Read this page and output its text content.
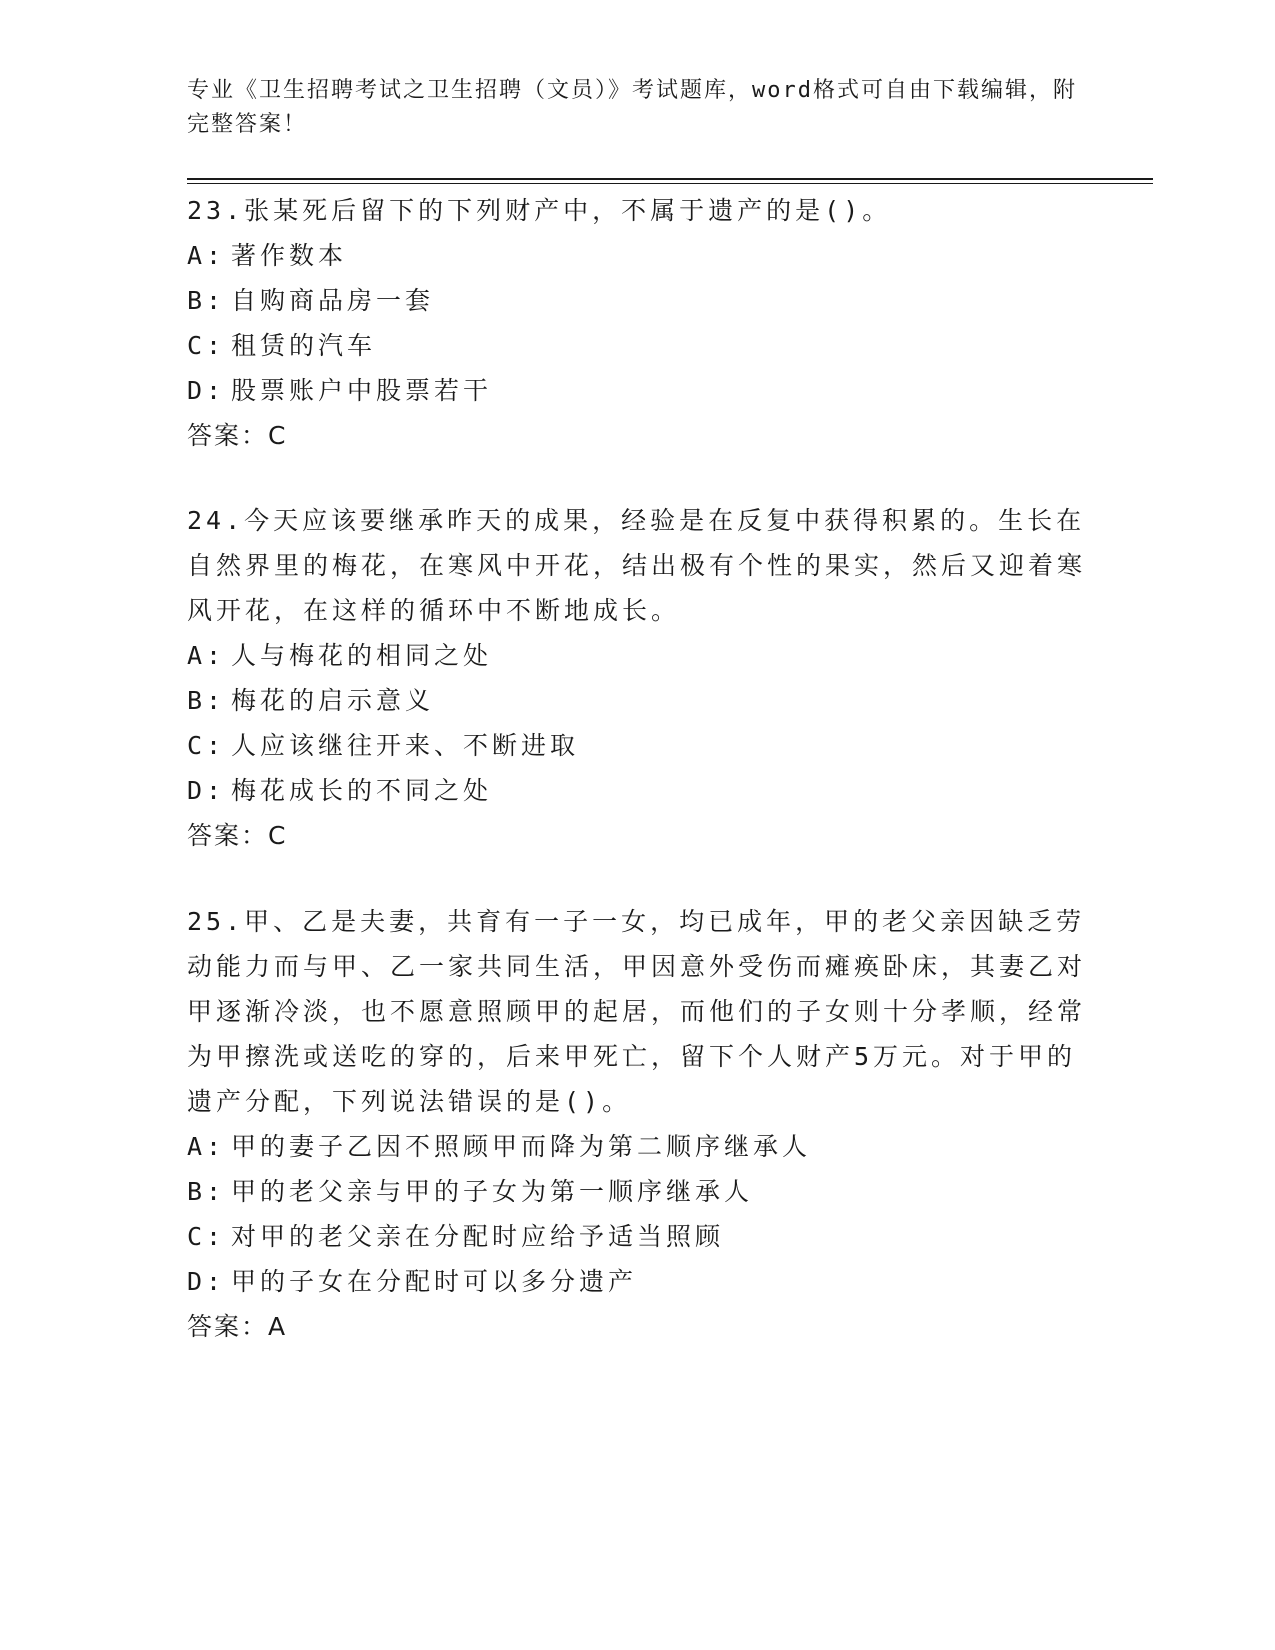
专业《卫生招聘考试之卫生招聘（文员）》考试题库，word格式可自由下载编辑，附完整答案！
23.张某死后留下的下列财产中，不属于遗产的是()。
A: 著作数本
B: 自购商品房一套
C: 租赁的汽车
D: 股票账户中股票若干
答案：C
24.今天应该要继承昨天的成果，经验是在反复中获得积累的。生长在自然界里的梅花，在寒风中开花，结出极有个性的果实，然后又迎着寒风开花，在这样的循环中不断地成长。
A: 人与梅花的相同之处
B: 梅花的启示意义
C: 人应该继往开来、不断进取
D: 梅花成长的不同之处
答案：C
25.甲、乙是夫妻，共育有一子一女，均已成年，甲的老父亲因缺乏劳动能力而与甲、乙一家共同生活，甲因意外受伤而瘫痪卧床，其妻乙对甲逐渐冷淡，也不愿意照顾甲的起居，而他们的子女则十分孝顺，经常为甲擦洗或送吃的穿的，后来甲死亡，留下个人财产5万元。对于甲的遗产分配，下列说法错误的是()。
A: 甲的妻子乙因不照顾甲而降为第二顺序继承人
B: 甲的老父亲与甲的子女为第一顺序继承人
C: 对甲的老父亲在分配时应给予适当照顾
D: 甲的子女在分配时可以多分遗产
答案：A
